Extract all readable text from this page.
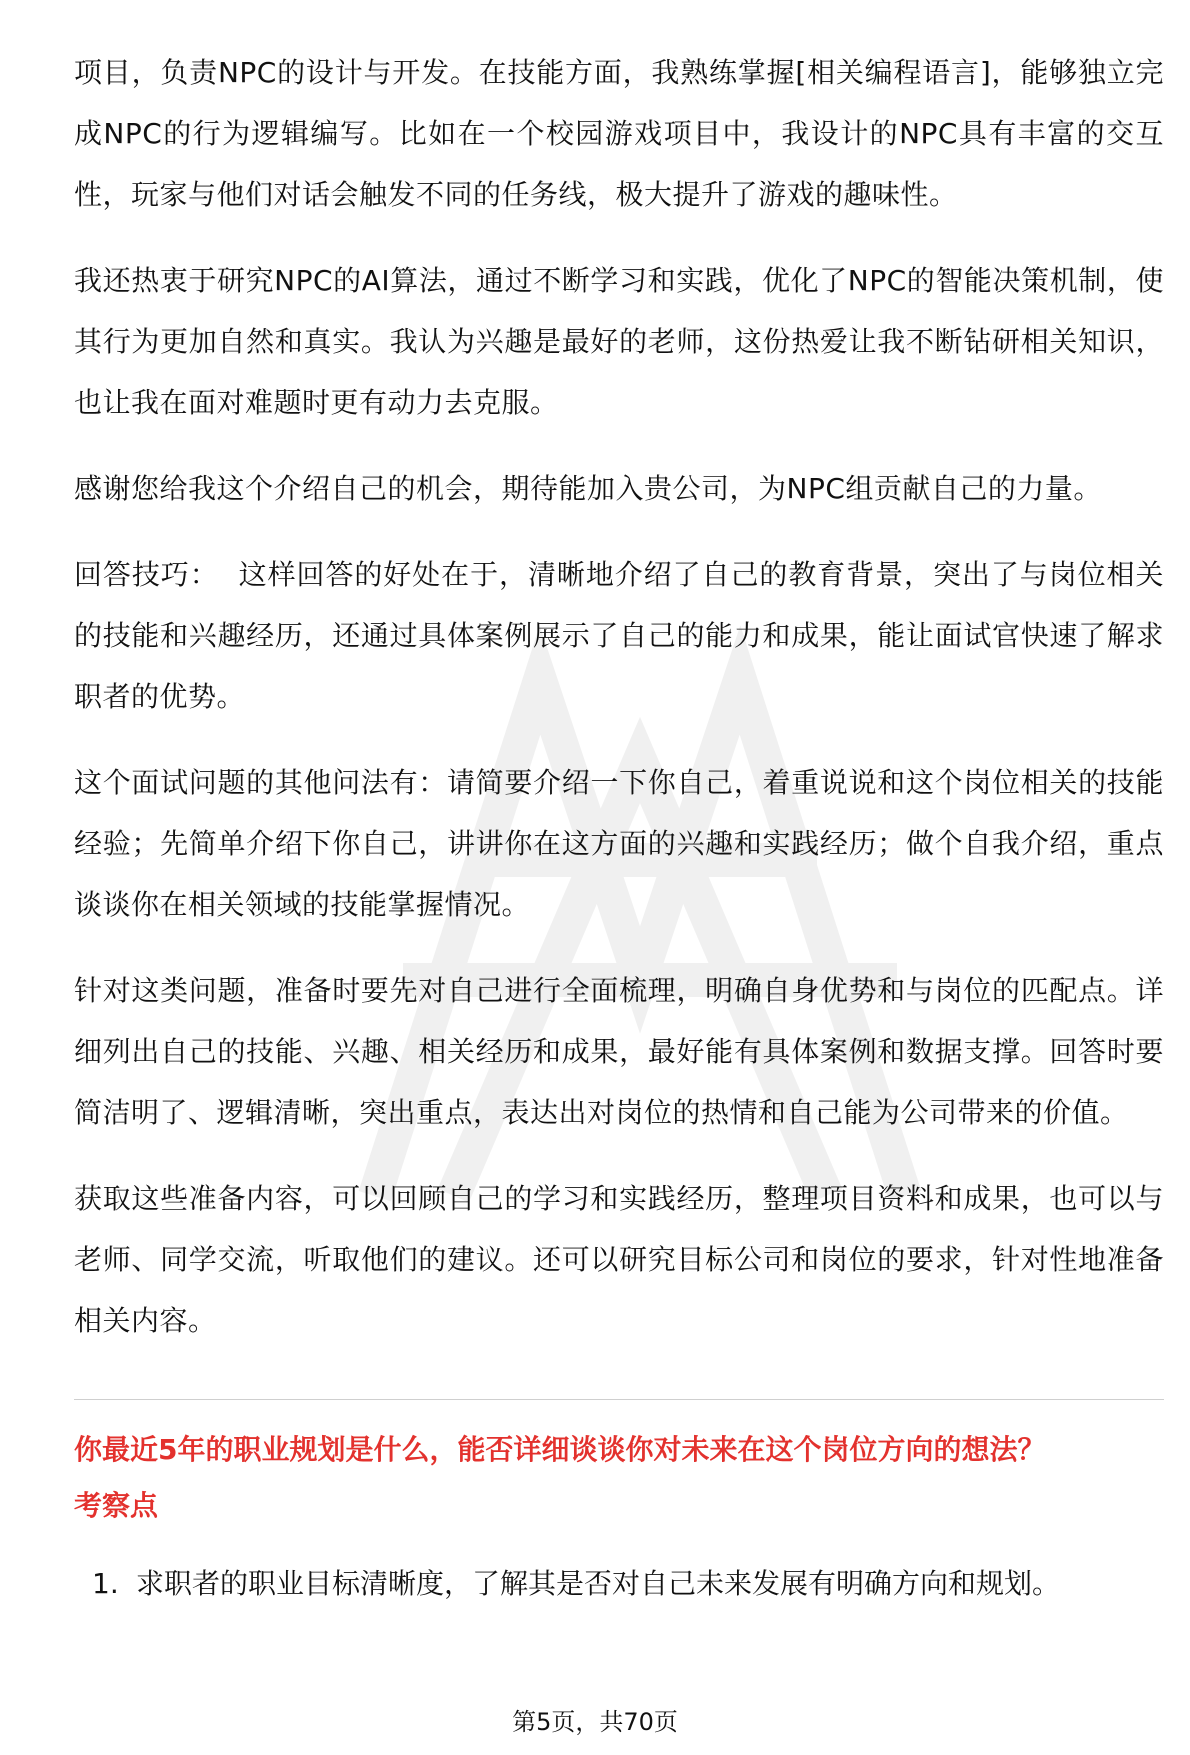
项目，负责NPC的设计与开发。在技能方面，我熟练掌握[相关编程语言]，能够独立完成NPC的行为逻辑编写。比如在一个校园游戏项目中，我设计的NPC具有丰富的交互性，玩家与他们对话会触发不同的任务线，极大提升了游戏的趣味性。

我还热衷于研究NPC的AI算法，通过不断学习和实践，优化了NPC的智能决策机制，使其行为更加自然和真实。我认为兴趣是最好的老师，这份热爱让我不断钻研相关知识，也让我在面对难题时更有动力去克服。

感谢您给我这个介绍自己的机会，期待能加入贵公司，为NPC组贡献自己的力量。

回答技巧： 这样回答的好处在于，清晰地介绍了自己的教育背景，突出了与岗位相关的技能和兴趣经历，还通过具体案例展示了自己的能力和成果，能让面试官快速了解求职者的优势。

这个面试问题的其他问法有：请简要介绍一下你自己，着重说说和这个岗位相关的技能经验；先简单介绍下你自己，讲讲你在这方面的兴趣和实践经历；做个自我介绍，重点谈谈你在相关领域的技能掌握情况。

针对这类问题，准备时要先对自己进行全面梳理，明确自身优势和与岗位的匹配点。详细列出自己的技能、兴趣、相关经历和成果，最好能有具体案例和数据支撑。回答时要简洁明了、逻辑清晰，突出重点，表达出对岗位的热情和自己能为公司带来的价值。

获取这些准备内容，可以回顾自己的学习和实践经历，整理项目资料和成果，也可以与老师、同学交流，听取他们的建议。还可以研究目标公司和岗位的要求，针对性地准备相关内容。

你最近5年的职业规划是什么，能否详细谈谈你对未来在这个岗位方向的想法？

考察点

1. 求职者的职业目标清晰度，了解其是否对自己未来发展有明确方向和规划。
第5页，共70页
